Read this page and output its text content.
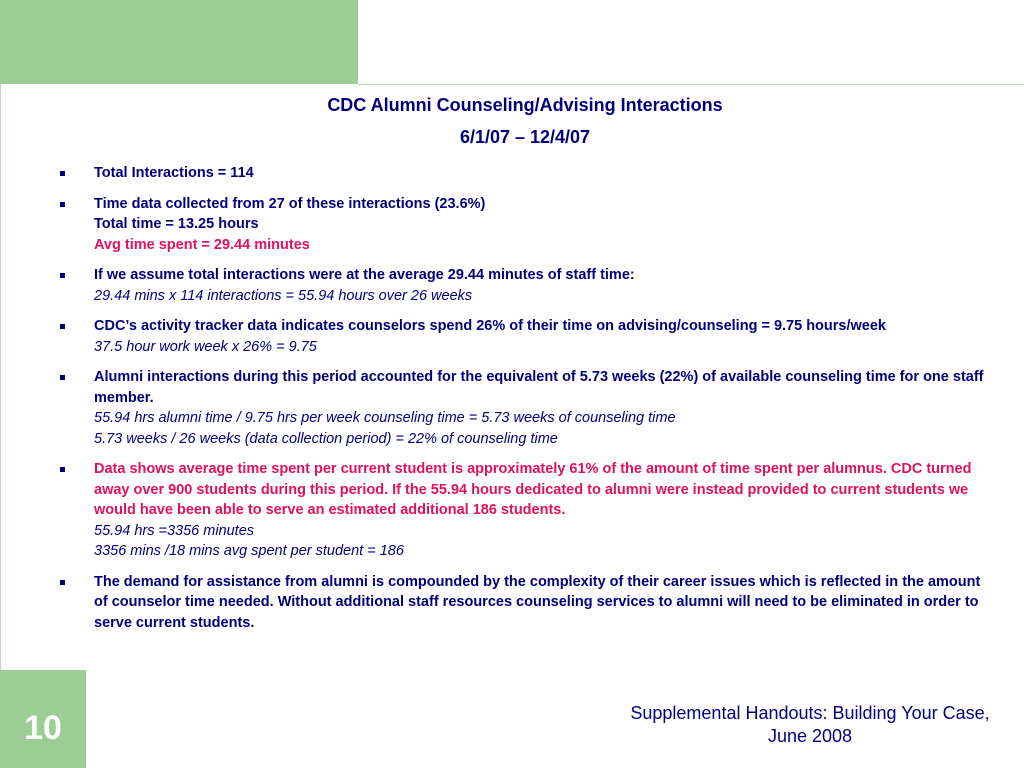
CDC Alumni Counseling/Advising Interactions
6/1/07 – 12/4/07
Total Interactions = 114
Time data collected from 27 of these interactions (23.6%)
Total time = 13.25 hours
Avg time spent = 29.44 minutes
If we assume total interactions were at the average 29.44 minutes of staff time:
29.44 mins x 114 interactions = 55.94 hours over 26 weeks
CDC’s activity tracker data indicates counselors spend 26% of their time on advising/counseling = 9.75 hours/week
37.5 hour work week x 26% = 9.75
Alumni interactions during this period accounted for the equivalent of 5.73 weeks (22%) of available counseling time for one staff member.
55.94 hrs alumni time / 9.75 hrs per week counseling time = 5.73 weeks of counseling time
5.73 weeks / 26 weeks (data collection period) = 22% of counseling time
Data shows average time spent per current student is approximately 61% of the amount of time spent per alumnus. CDC turned away over 900 students during this period. If the 55.94 hours dedicated to alumni were instead provided to current students we would have been able to serve an estimated additional 186 students.
55.94 hrs =3356 minutes
3356 mins /18 mins avg spent per student = 186
The demand for assistance from alumni is compounded by the complexity of their career issues which is reflected in the amount of counselor time needed. Without additional staff resources counseling services to alumni will need to be eliminated in order to serve current students.
10	Supplemental Handouts: Building Your Case, June 2008
